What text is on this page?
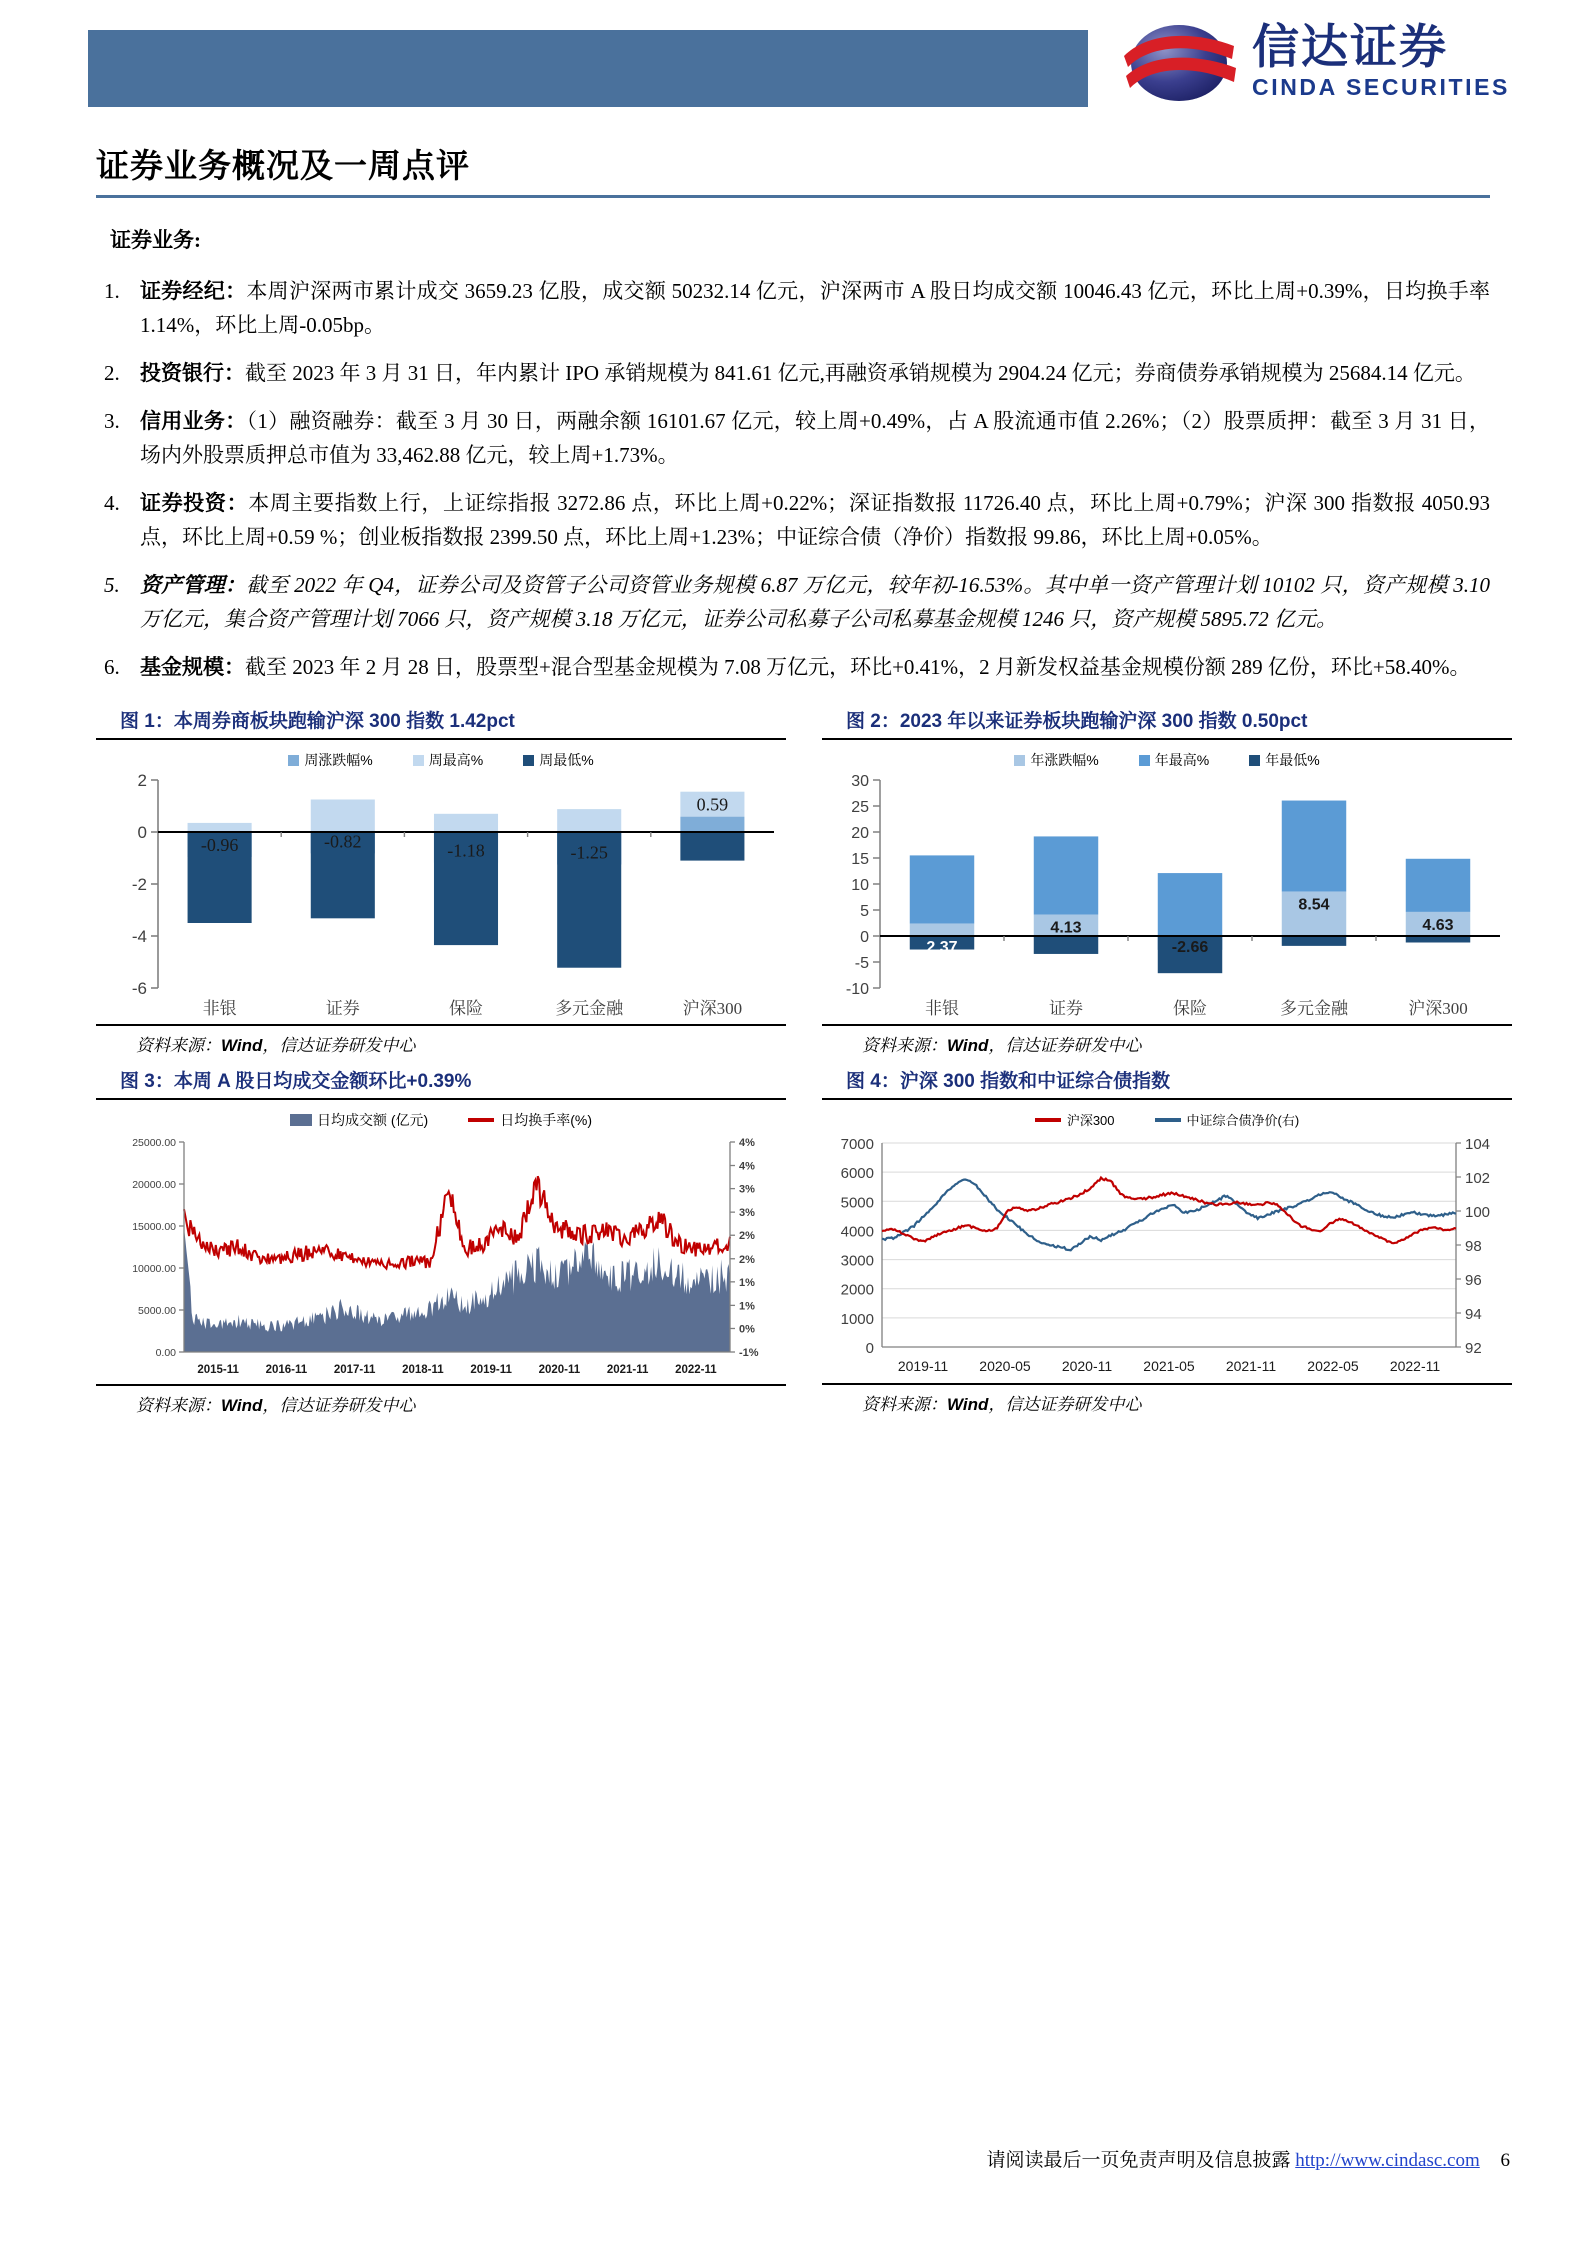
信达证券
CINDA SECURITIES
证券业务概况及一周点评
证券业务:
证券经纪：本周沪深两市累计成交 3659.23 亿股，成交额 50232.14 亿元，沪深两市 A 股日均成交额 10046.43 亿元，环比上周+0.39%，日均换手率 1.14%，环比上周-0.05bp。
投资银行：截至 2023 年 3 月 31 日，年内累计 IPO 承销规模为 841.61 亿元,再融资承销规模为 2904.24 亿元；券商债券承销规模为 25684.14 亿元。
信用业务：（1）融资融券：截至 3 月 30 日，两融余额 16101.67 亿元，较上周+0.49%，占 A 股流通市值 2.26%；（2）股票质押：截至 3 月 31 日，场内外股票质押总市值为 33,462.88 亿元，较上周+1.73%。
证券投资：本周主要指数上行，上证综指报 3272.86 点，环比上周+0.22%；深证指数报 11726.40 点，环比上周+0.79%；沪深 300 指数报 4050.93 点，环比上周+0.59 %；创业板指数报 2399.50 点，环比上周+1.23%；中证综合债（净价）指数报 99.86，环比上周+0.05%。
资产管理：截至 2022 年 Q4，证券公司及资管子公司资管业务规模 6.87 万亿元，较年初-16.53%。其中单一资产管理计划 10102 只，资产规模 3.10 万亿元，集合资产管理计划 7066 只，资产规模 3.18 万亿元，证券公司私募子公司私募基金规模 1246 只，资产规模 5895.72 亿元。
基金规模：截至 2023 年 2 月 28 日，股票型+混合型基金规模为 7.08 万亿元，环比+0.41%，2 月新发权益基金规模份额 289 亿份，环比+58.40%。
图 1：本周券商板块跑输沪深 300 指数 1.42pct
周涨跌幅%	周最高%	周最低%
2
0
-2
-4
-6
-0.96	-0.82	-1.18	-1.25
0.59
非银	证券	保险	多元金融	沪深300
资料来源：Wind，信达证券研发中心
图 2：2023 年以来证券板块跑输沪深 300 指数 0.50pct
年涨跌幅%	年最高%	年最低%
30
25
20
15
10
5
0
-5
-10
2.37
4.13
-2.66
8.54
4.63
非银	证券	保险	多元金融	沪深300
资料来源：Wind，信达证券研发中心
图 3：本周 A 股日均成交金额环比+0.39%
日均成交额 (亿元)	日均换手率(%)
25000.00
20000.00
15000.00
10000.00
5000.00
0.00
4%
4%
3%
3%
2%
2%
1%
1%
0%
-1%
2015-11 2016-11 2017-11 2018-11 2019-11 2020-11 2021-11 2022-11
资料来源：Wind，信达证券研发中心
图 4：沪深 300 指数和中证综合债指数
沪深300	中证综合债净价(右)
7000
6000
5000
4000
3000
2000
1000
0
104
102
100
98
96
94
92
2019-11 2020-05 2020-11 2021-05 2021-11 2022-05 2022-11
资料来源：Wind，信达证券研发中心
请阅读最后一页免责声明及信息披露 http://www.cindasc.com 6
